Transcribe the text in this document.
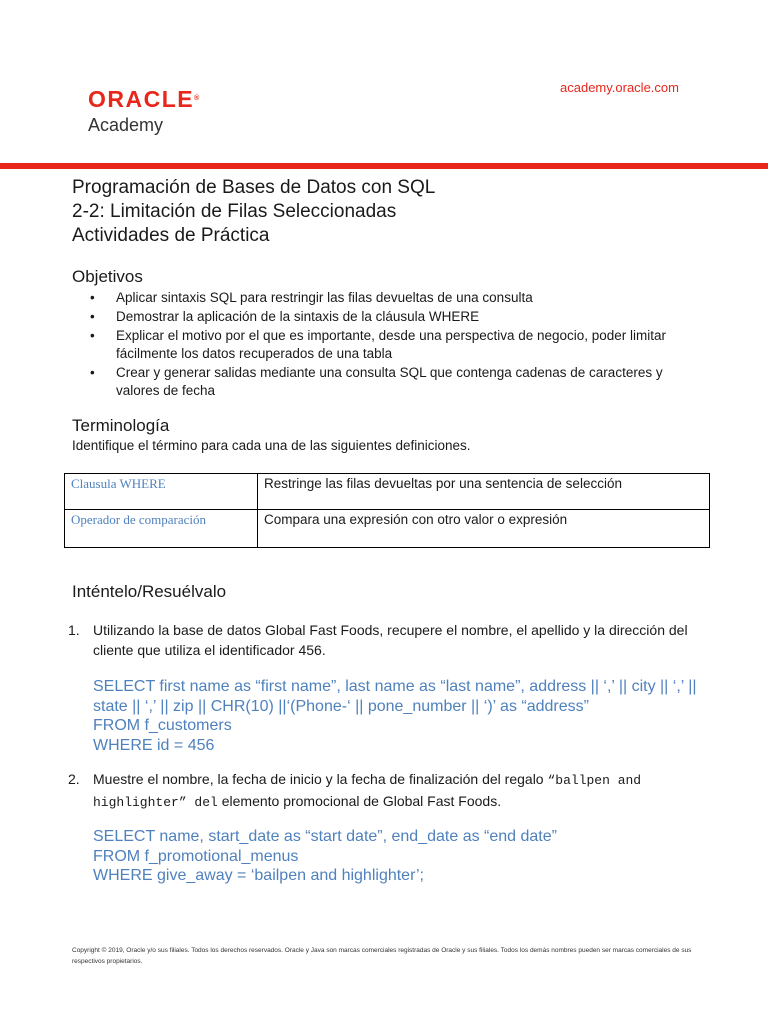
ORACLE®
Academy
academy.oracle.com
Programación de Bases de Datos con SQL
2-2: Limitación de Filas Seleccionadas
Actividades de Práctica
Objetivos
• Aplicar sintaxis SQL para restringir las filas devueltas de una consulta
• Demostrar la aplicación de la sintaxis de la cláusula WHERE
• Explicar el motivo por el que es importante, desde una perspectiva de negocio, poder limitar fácilmente los datos recuperados de una tabla
• Crear y generar salidas mediante una consulta SQL que contenga cadenas de caracteres y valores de fecha
Terminología
Identifique el término para cada una de las siguientes definiciones.
Clausula WHERE	Restringe las filas devueltas por una sentencia de selección
Operador de comparación	Compara una expresión con otro valor o expresión
Inténtelo/Resuélvalo
1. Utilizando la base de datos Global Fast Foods, recupere el nombre, el apellido y la dirección del cliente que utiliza el identificador 456.
SELECT first name as “first name”, last name as “last name”, address || ‘,’ || city || ‘,’ ||
state || ‘,’ || zip || CHR(10) ||‘(Phone-‘ || pone_number || ‘)’ as “address”
FROM f_customers
WHERE id = 456
2. Muestre el nombre, la fecha de inicio y la fecha de finalización del regalo “ballpen and highlighter” del elemento promocional de Global Fast Foods.
SELECT name, start_date as “start date”, end_date as “end date”
FROM f_promotional_menus
WHERE give_away = ‘bailpen and highlighter’;
Copyright © 2019, Oracle y/o sus filiales. Todos los derechos reservados. Oracle y Java son marcas comerciales registradas de Oracle y sus filiales. Todos los demás nombres pueden ser marcas comerciales de sus respectivos propietarios.
